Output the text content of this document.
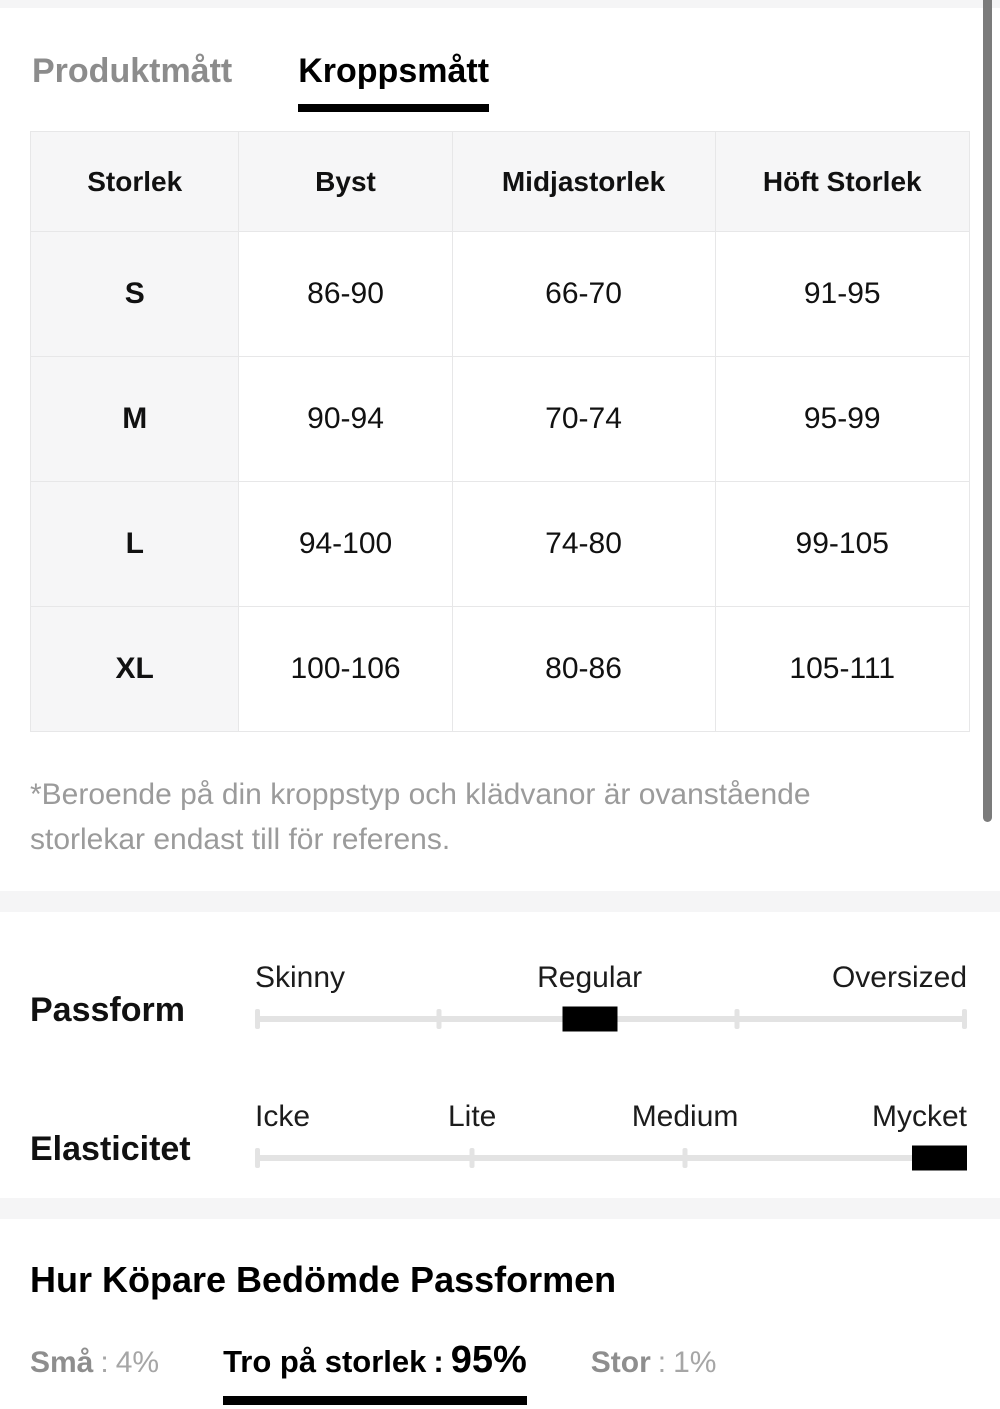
Produktmått Kroppsmått
Storlek	Byst	Midjastorlek	Höft Storlek
S	86-90	66-70	91-95
M	90-94	70-74	95-99
L	94-100	74-80	99-105
XL	100-106	80-86	105-111

*Beroende på din kroppstyp och klädvanor är ovanstående storlekar endast till för referens.

Passform
Skinny	Regular	Oversized
Elasticitet
Icke	Lite	Medium	Mycket
Hur Köpare Bedömde Passformen
Små : 4% Tro på storlek : 95% Stor : 1%
